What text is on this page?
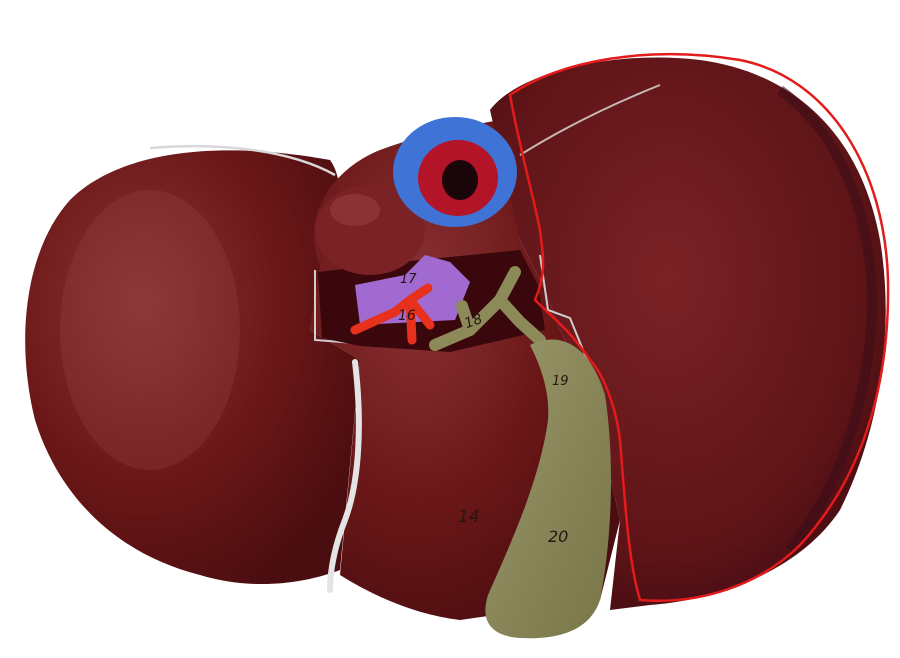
14
16
17
18
19
20
